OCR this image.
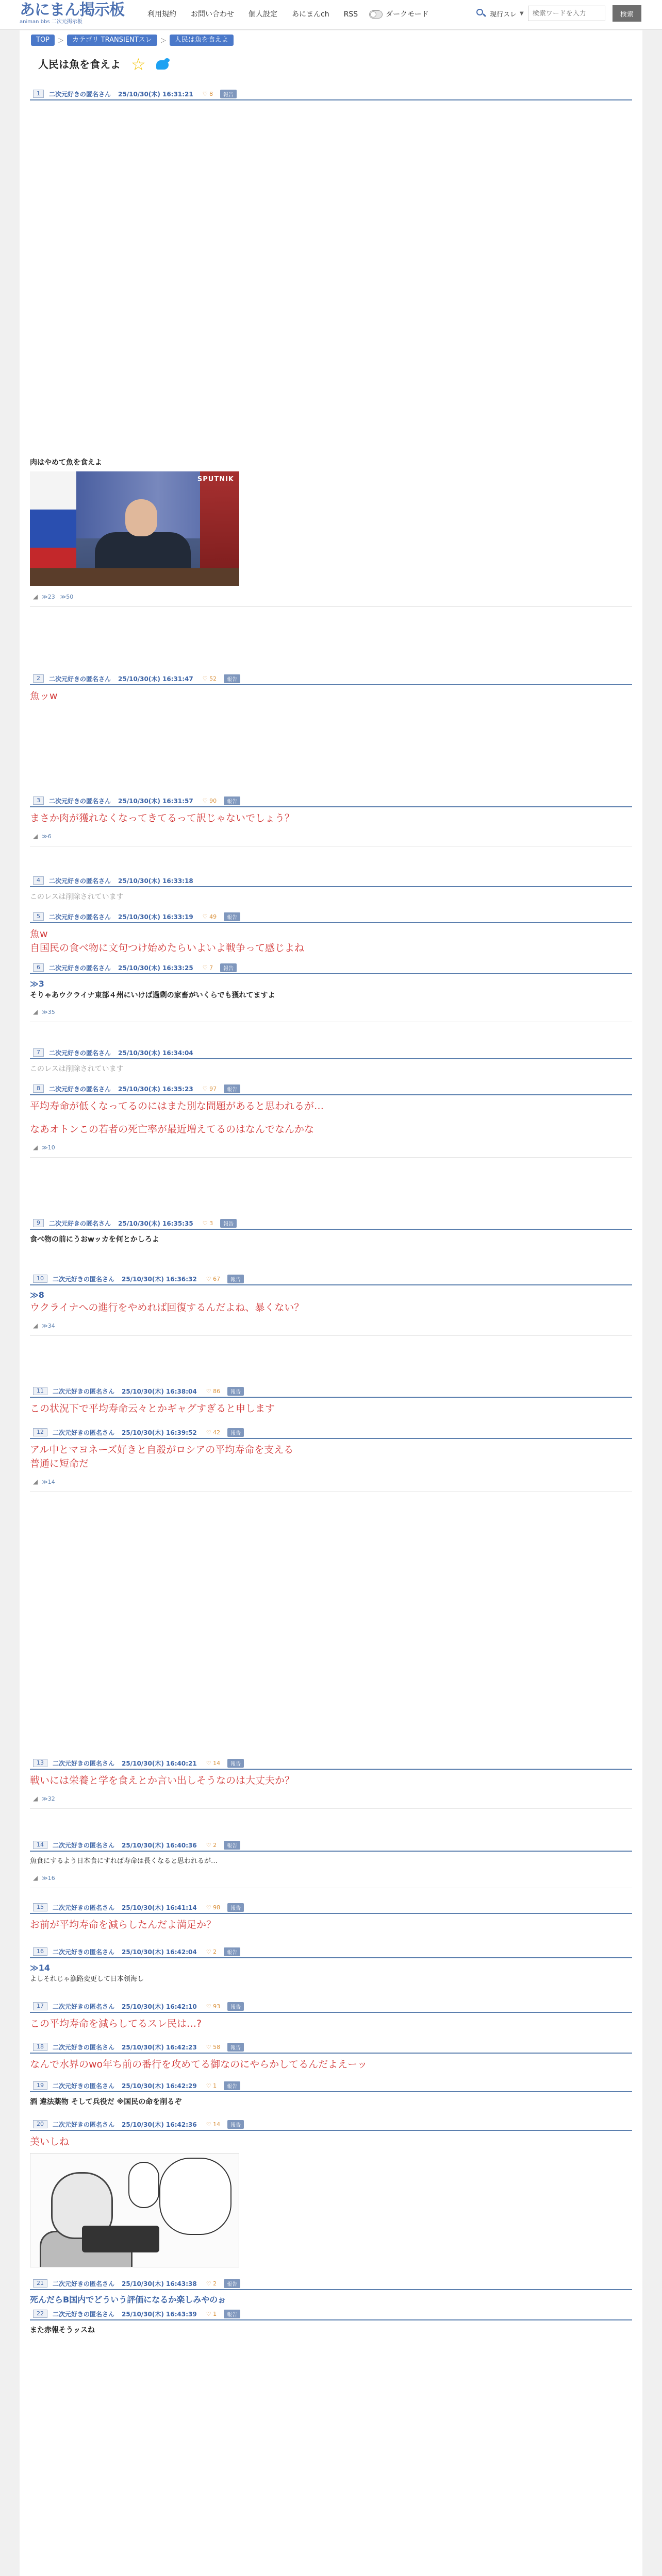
あにまん掲示板
animan bbs 二次元掲示板
利用規約	お問い合わせ	個人設定	あにまんch	RSS	ダークモード	現行スレ ▼
検索ワードを入力	検索
TOP	＞	カテゴリ TRANSIENTスレ	＞	人民は魚を食えよ
人民は魚を食えよ ☆
1	二次元好きの匿名さん 25/10/30(木) 16:31:21 ♡ 8	報告
肉はやめて魚を食えよ
SPUTNIK
◢ ≫23 ≫50
2	二次元好きの匿名さん 25/10/30(木) 16:31:47 ♡ 52	報告
魚ッw
3	二次元好きの匿名さん 25/10/30(木) 16:31:57 ♡ 90	報告
まさか肉が獲れなくなってきてるって訳じゃないでしょう？
◢ ≫6
4	二次元好きの匿名さん 25/10/30(木) 16:33:18
このレスは削除されています
5	二次元好きの匿名さん 25/10/30(木) 16:33:19 ♡ 49	報告
魚w
自国民の食べ物に文句つけ始めたらいよいよ戦争って感じよね
6	二次元好きの匿名さん 25/10/30(木) 16:33:25 ♡ 7	報告
≫3
そりゃあウクライナ東部４州にいけば過剰の家畜がいくらでも獲れてますよ
◢ ≫35
7	二次元好きの匿名さん 25/10/30(木) 16:34:04
このレスは削除されています
8	二次元好きの匿名さん 25/10/30(木) 16:35:23 ♡ 97	報告
平均寿命が低くなってるのにはまた別な問題があると思われるが…
なあオトンこの若者の死亡率が最近増えてるのはなんでなんかな
◢ ≫10
9	二次元好きの匿名さん 25/10/30(木) 16:35:35 ♡ 3	報告
食べ物の前にうおwッカを何とかしろよ
10	二次元好きの匿名さん 25/10/30(木) 16:36:32 ♡ 67	報告
≫8
ウクライナへの進行をやめれば回復するんだよね、暴くない？
◢ ≫34
11	二次元好きの匿名さん 25/10/30(木) 16:38:04 ♡ 86	報告
この状況下で平均寿命云々とかギャグすぎると申します
12	二次元好きの匿名さん 25/10/30(木) 16:39:52 ♡ 42	報告
アル中とマヨネーズ好きと自殺がロシアの平均寿命を支える
普通に短命だ
◢ ≫14
13	二次元好きの匿名さん 25/10/30(木) 16:40:21 ♡ 14	報告
戦いには栄養と学を食えとか言い出しそうなのは大丈夫か？
◢ ≫32
14	二次元好きの匿名さん 25/10/30(木) 16:40:36 ♡ 2	報告
魚食にするよう日本食にすれば寿命は長くなると思われるが…
◢ ≫16
15	二次元好きの匿名さん 25/10/30(木) 16:41:14 ♡ 98	報告
お前が平均寿命を減らしたんだよ満足か？
16	二次元好きの匿名さん 25/10/30(木) 16:42:04 ♡ 2	報告
≫14
よしそれじゃ漁路変更して日本領海し
17	二次元好きの匿名さん 25/10/30(木) 16:42:10 ♡ 93	報告
この平均寿命を減らしてるスレ民は…?
18	二次元好きの匿名さん 25/10/30(木) 16:42:23 ♡ 58	報告
なんで水界のwo年ち前の番行を攻めてる御なのにやらかしてるんだよえーッ
19	二次元好きの匿名さん 25/10/30(木) 16:42:29 ♡ 1	報告
酒 違法薬物 そして兵役だ ※国民の命を削るぞ
20	二次元好きの匿名さん 25/10/30(木) 16:42:36 ♡ 14	報告
美いしね
21	二次元好きの匿名さん 25/10/30(木) 16:43:38 ♡ 2	報告
死んだらB国内でどういう評価になるか楽しみやのぉ
22	二次元好きの匿名さん 25/10/30(木) 16:43:39 ♡ 1	報告
また赤報そうッスね
